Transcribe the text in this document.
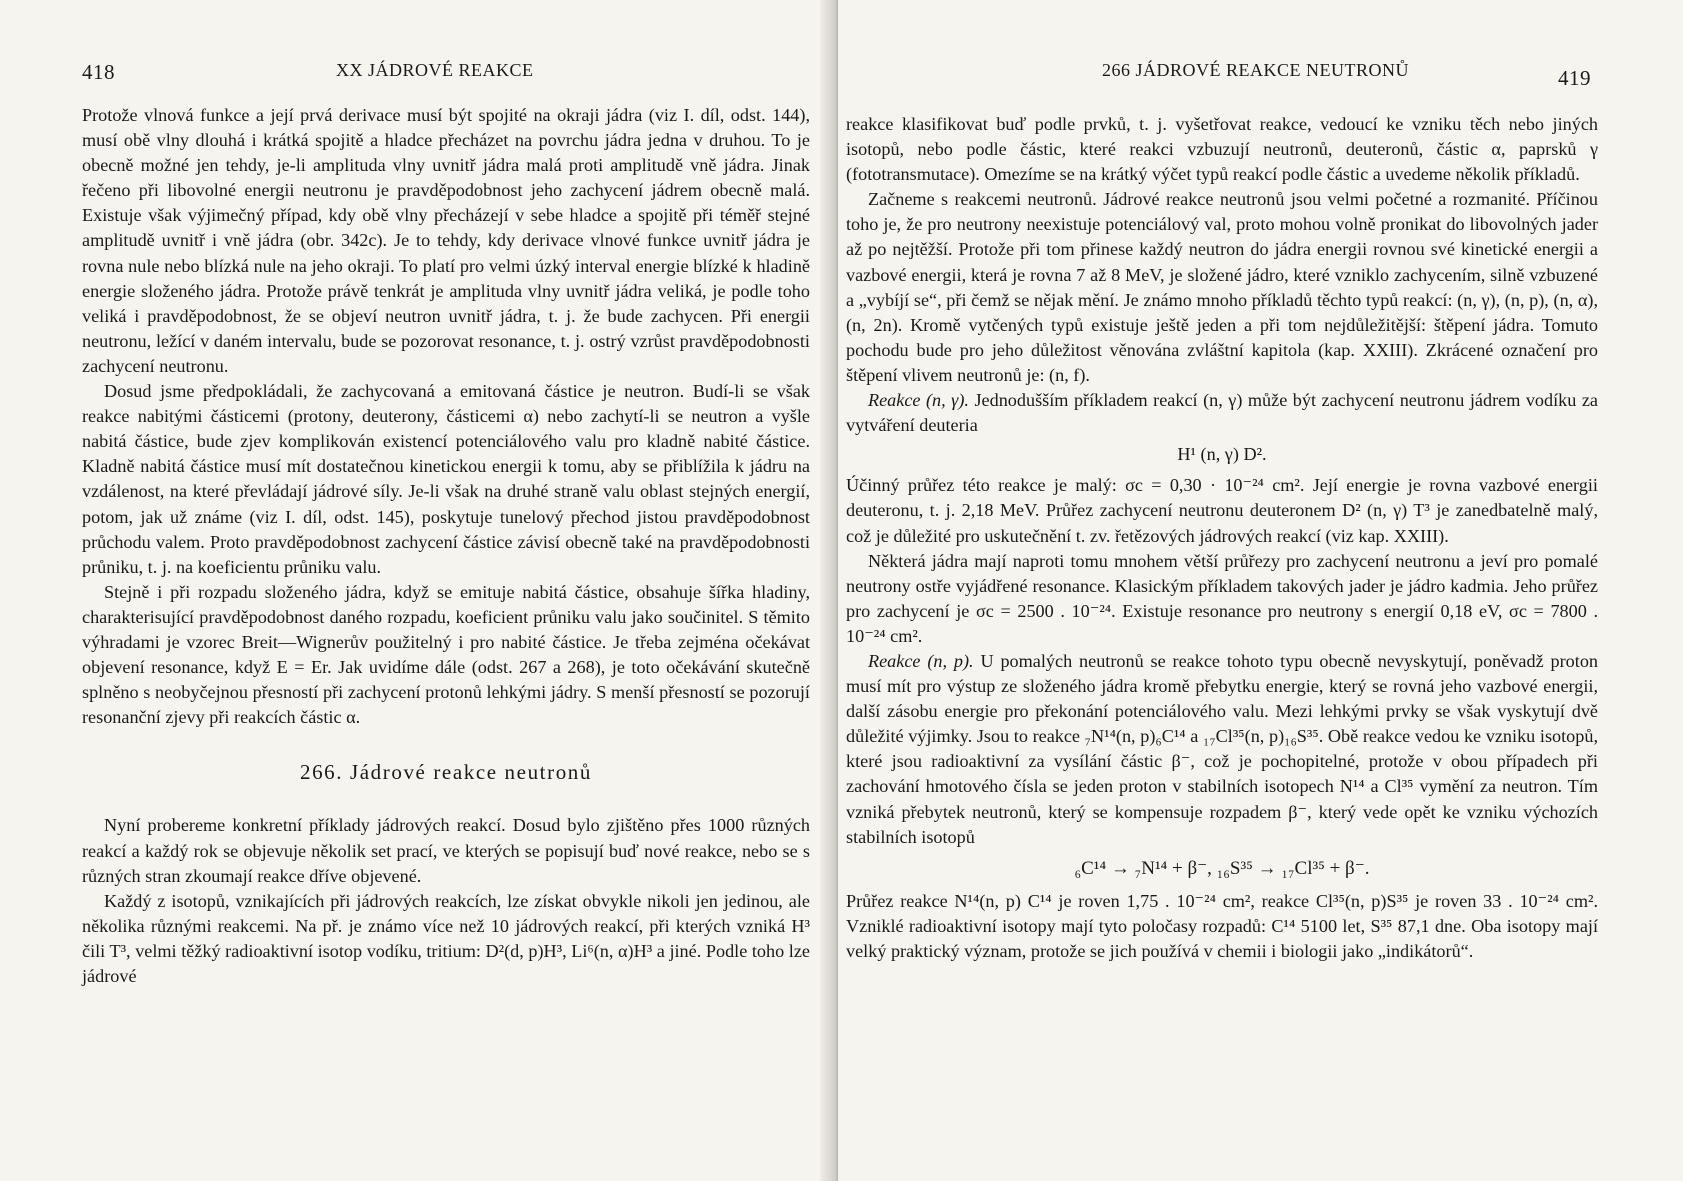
418	XX JÁDROVÉ REAKCE

Protože vlnová funkce a její prvá derivace musí být spojité na okraji jádra (viz I. díl, odst. 144), musí obě vlny dlouhá i krátká spojitě a hladce přecházet na povrchu jádra jedna v druhou. To je obecně možné jen tehdy, je-li amplituda vlny uvnitř jádra malá proti amplitudě vně jádra. Jinak řečeno při libovolné energii neutronu je pravděpodobnost jeho zachycení jádrem obecně malá. Existuje však výjimečný případ, kdy obě vlny přecházejí v sebe hladce a spojitě při téměř stejné amplitudě uvnitř i vně jádra (obr. 342c). Je to tehdy, kdy derivace vlnové funkce uvnitř jádra je rovna nule nebo blízká nule na jeho okraji. To platí pro velmi úzký interval energie blízké k hladině energie složeného jádra. Protože právě tenkrát je amplituda vlny uvnitř jádra veliká, je podle toho veliká i pravděpodobnost, že se objeví neutron uvnitř jádra, t. j. že bude zachycen. Při energii neutronu, ležící v daném intervalu, bude se pozorovat resonance, t. j. ostrý vzrůst pravděpodobnosti zachycení neutronu.

Dosud jsme předpokládali, že zachycovaná a emitovaná částice je neutron. Budí-li se však reakce nabitými částicemi (protony, deuterony, částicemi α) nebo zachytí-li se neutron a vyšle nabitá částice, bude zjev komplikován existencí potenciálového valu pro kladně nabité částice. Kladně nabitá částice musí mít dostatečnou kinetickou energii k tomu, aby se přiblížila k jádru na vzdálenost, na které převládají jádrové síly. Je-li však na druhé straně valu oblast stejných energií, potom, jak už známe (viz I. díl, odst. 145), poskytuje tunelový přechod jistou pravděpodobnost průchodu valem. Proto pravděpodobnost zachycení částice závisí obecně také na pravděpodobnosti průniku, t. j. na koeficientu průniku valu.

Stejně i při rozpadu složeného jádra, když se emituje nabitá částice, obsahuje šířka hladiny, charakterisující pravděpodobnost daného rozpadu, koeficient průniku valu jako součinitel. S těmito výhradami je vzorec Breit—Wignerův použitelný i pro nabité částice. Je třeba zejména očekávat objevení resonance, když E = Er. Jak uvidíme dále (odst. 267 a 268), je toto očekávání skutečně splněno s neobyčejnou přesností při zachycení protonů lehkými jádry. S menší přesností se pozorují resonanční zjevy při reakcích částic α.

266. Jádrové reakce neutronů

Nyní probereme konkretní příklady jádrových reakcí. Dosud bylo zjištěno přes 1000 různých reakcí a každý rok se objevuje několik set prací, ve kterých se popisují buď nové reakce, nebo se s různých stran zkoumají reakce dříve objevené.

Každý z isotopů, vznikajících při jádrových reakcích, lze získat obvykle nikoli jen jedinou, ale několika různými reakcemi. Na př. je známo více než 10 jádrových reakcí, při kterých vzniká H³ čili T³, velmi těžký radioaktivní isotop vodíku, tritium: D²(d, p)H³, Li⁶(n, α)H³ a jiné. Podle toho lze jádrové

266 JÁDROVÉ REAKCE NEUTRONŮ	419

reakce klasifikovat buď podle prvků, t. j. vyšetřovat reakce, vedoucí ke vzniku těch nebo jiných isotopů, nebo podle částic, které reakci vzbuzují neutronů, deuteronů, částic α, paprsků γ (fototransmutace). Omezíme se na krátký výčet typů reakcí podle částic a uvedeme několik příkladů.

Začneme s reakcemi neutronů. Jádrové reakce neutronů jsou velmi početné a rozmanité. Příčinou toho je, že pro neutrony neexistuje potenciálový val, proto mohou volně pronikat do libovolných jader až po nejtěžší. Protože při tom přinese každý neutron do jádra energii rovnou své kinetické energii a vazbové energii, která je rovna 7 až 8 MeV, je složené jádro, které vzniklo zachycením, silně vzbuzené a „vybíjí se“, při čemž se nějak mění. Je známo mnoho příkladů těchto typů reakcí: (n, γ), (n, p), (n, α), (n, 2n). Kromě vytčených typů existuje ještě jeden a při tom nejdůležitější: štěpení jádra. Tomuto pochodu bude pro jeho důležitost věnována zvláštní kapitola (kap. XXIII). Zkrácené označení pro štěpení vlivem neutronů je: (n, f).

Reakce (n, γ). Jednodušším příkladem reakcí (n, γ) může být zachycení neutronu jádrem vodíku za vytváření deuteria

H¹ (n, γ) D².

Účinný průřez této reakce je malý: σc = 0,30 · 10⁻²⁴ cm². Její energie je rovna vazbové energii deuteronu, t. j. 2,18 MeV. Průřez zachycení neutronu deuteronem D² (n, γ) T³ je zanedbatelně malý, což je důležité pro uskutečnění t. zv. řetězových jádrových reakcí (viz kap. XXIII).

Některá jádra mají naproti tomu mnohem větší průřezy pro zachycení neutronu a jeví pro pomalé neutrony ostře vyjádřené resonance. Klasickým příkladem takových jader je jádro kadmia. Jeho průřez pro zachycení je σc = 2500 . 10⁻²⁴. Existuje resonance pro neutrony s energií 0,18 eV, σc = 7800 . 10⁻²⁴ cm².

Reakce (n, p). U pomalých neutronů se reakce tohoto typu obecně nevyskytují, poněvadž proton musí mít pro výstup ze složeného jádra kromě přebytku energie, který se rovná jeho vazbové energii, další zásobu energie pro překonání potenciálového valu. Mezi lehkými prvky se však vyskytují dvě důležité výjimky. Jsou to reakce ₇N¹⁴(n, p)₆C¹⁴ a ₁₇Cl³⁵(n, p)₁₆S³⁵. Obě reakce vedou ke vzniku isotopů, které jsou radioaktivní za vysílání částic β⁻, což je pochopitelné, protože v obou případech při zachování hmotového čísla se jeden proton v stabilních isotopech N¹⁴ a Cl³⁵ vymění za neutron. Tím vzniká přebytek neutronů, který se kompensuje rozpadem β⁻, který vede opět ke vzniku výchozích stabilních isotopů

₆C¹⁴ → ₇N¹⁴ + β⁻, ₁₆S³⁵ → ₁₇Cl³⁵ + β⁻.

Průřez reakce N¹⁴(n, p) C¹⁴ je roven 1,75 . 10⁻²⁴ cm², reakce Cl³⁵(n, p)S³⁵ je roven 33 . 10⁻²⁴ cm². Vzniklé radioaktivní isotopy mají tyto poločasy rozpadů: C¹⁴ 5100 let, S³⁵ 87,1 dne. Oba isotopy mají velký praktický význam, protože se jich používá v chemii i biologii jako „indikátorů“.
